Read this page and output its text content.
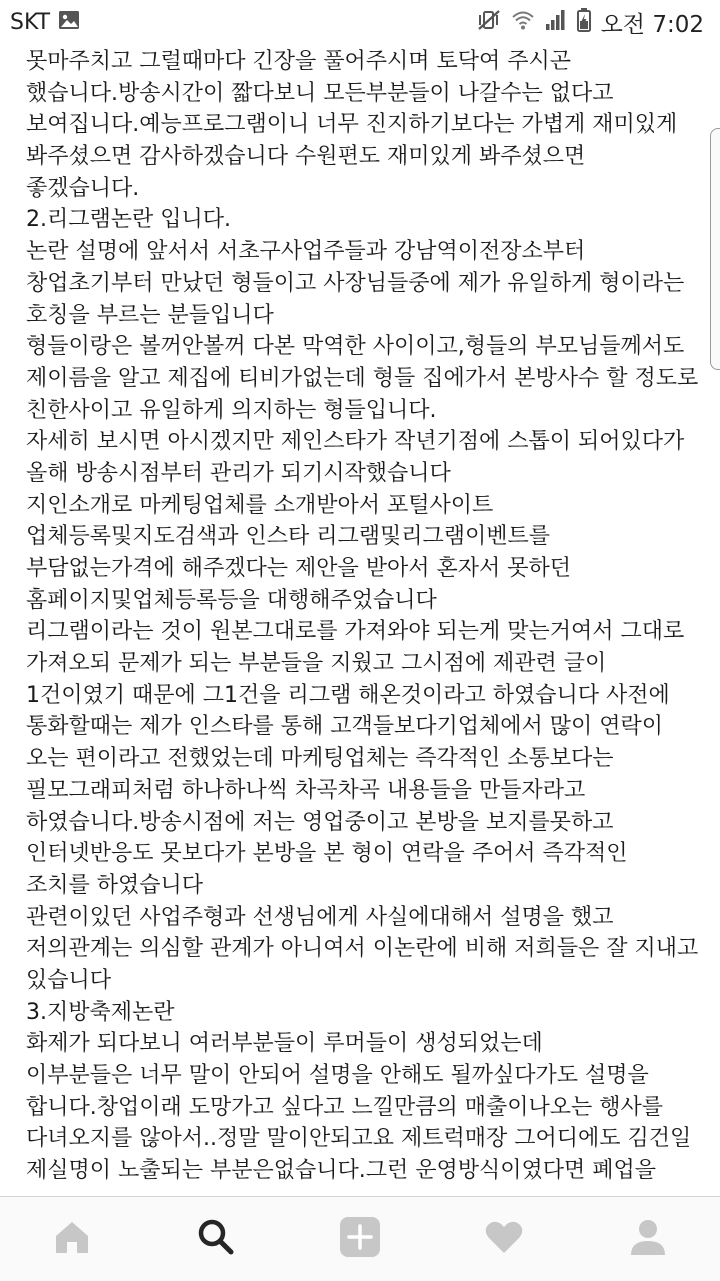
SKT	오전 7:02
못마주치고 그럴때마다 긴장을 풀어주시며 토닥여 주시곤
했습니다.방송시간이 짧다보니 모든부분들이 나갈수는 없다고
보여집니다.예능프로그램이니 너무 진지하기보다는 가볍게 재미있게
봐주셨으면 감사하겠습니다 수원편도 재미있게 봐주셨으면
좋겠습니다.
2.리그램논란 입니다.
논란 설명에 앞서서 서초구사업주들과 강남역이전장소부터
창업초기부터 만났던 형들이고 사장님들중에 제가 유일하게 형이라는
호칭을 부르는 분들입니다
형들이랑은 볼꺼안볼꺼 다본 막역한 사이이고,형들의 부모님들께서도
제이름을 알고 제집에 티비가없는데 형들 집에가서 본방사수 할 정도로
친한사이고 유일하게 의지하는 형들입니다.
자세히 보시면 아시겠지만 제인스타가 작년기점에 스톱이 되어있다가
올해 방송시점부터 관리가 되기시작했습니다
지인소개로 마케팅업체를 소개받아서 포털사이트
업체등록및지도검색과 인스타 리그램및리그램이벤트를
부담없는가격에 해주겠다는 제안을 받아서 혼자서 못하던
홈페이지및업체등록등을 대행해주었습니다
리그램이라는 것이 원본그대로를 가져와야 되는게 맞는거여서 그대로
가져오되 문제가 되는 부분들을 지웠고 그시점에 제관련 글이
1건이였기 때문에 그1건을 리그램 해온것이라고 하였습니다 사전에
통화할때는 제가 인스타를 통해 고객들보다기업체에서 많이 연락이
오는 편이라고 전했었는데 마케팅업체는 즉각적인 소통보다는
필모그래피처럼 하나하나씩 차곡차곡 내용들을 만들자라고
하였습니다.방송시점에 저는 영업중이고 본방을 보지를못하고
인터넷반응도 못보다가 본방을 본 형이 연락을 주어서 즉각적인
조치를 하였습니다
관련이있던 사업주형과 선생님에게 사실에대해서 설명을 했고
저의관계는 의심할 관계가 아니여서 이논란에 비해 저희들은 잘 지내고
있습니다
3.지방축제논란
화제가 되다보니 여러부분들이 루머들이 생성되었는데
이부분들은 너무 말이 안되어 설명을 안해도 될까싶다가도 설명을
합니다.창업이래 도망가고 싶다고 느낄만큼의 매출이나오는 행사를
다녀오지를 않아서..정말 말이안되고요 제트럭매장 그어디에도 김건일
제실명이 노출되는 부분은없습니다.그런 운영방식이였다면 폐업을
